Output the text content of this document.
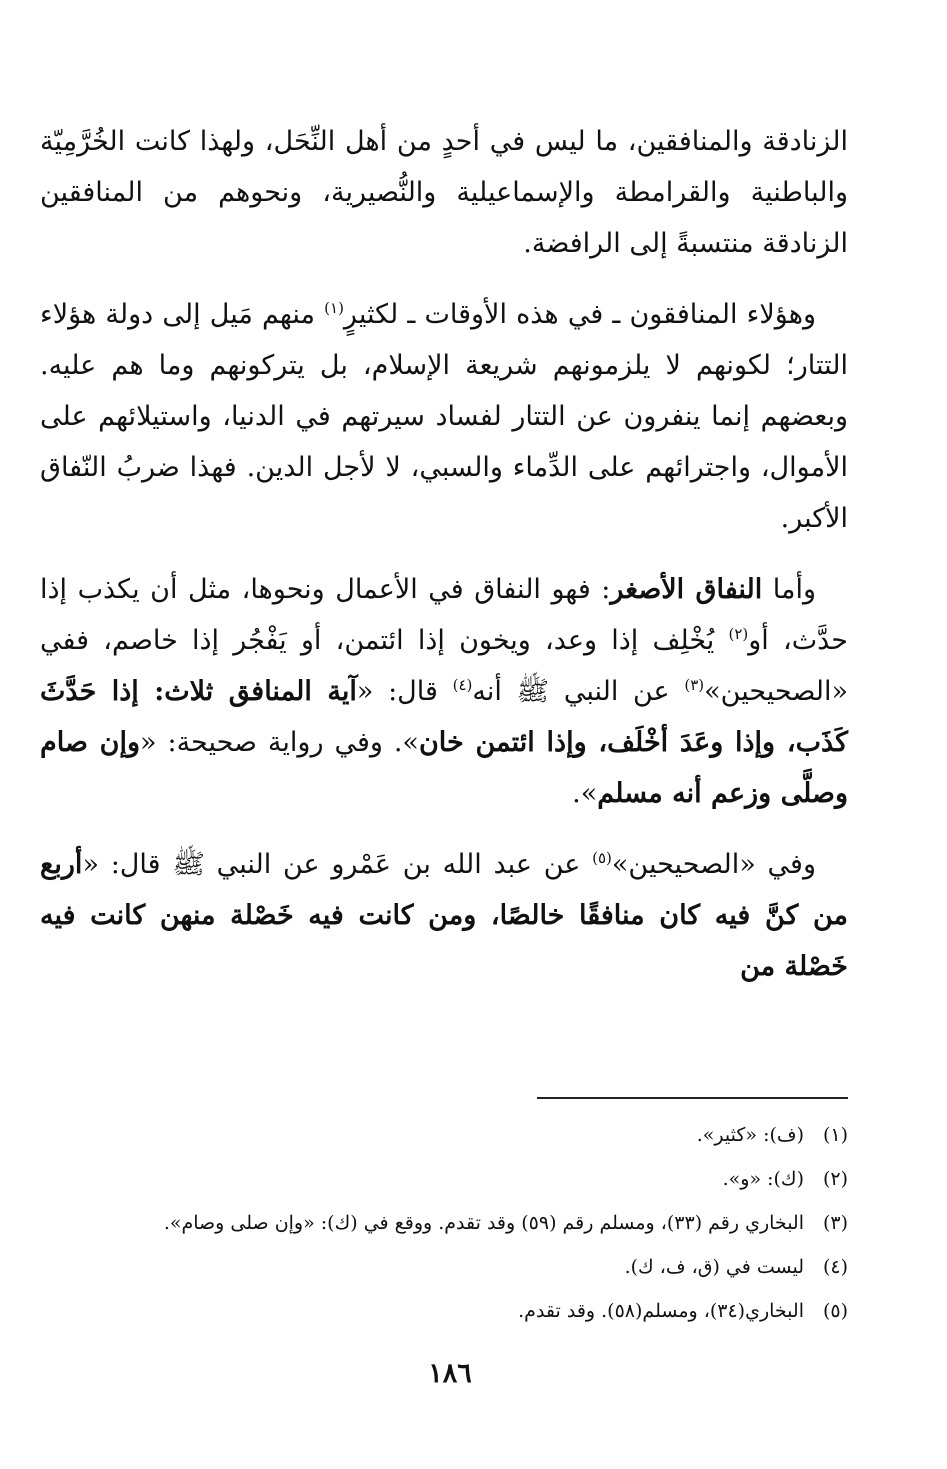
الزنادقة والمنافقين، ما ليس في أحدٍ من أهل النِّحَل، ولهذا كانت الخُرَّمِيّة والباطنية والقرامطة والإسماعيلية والنُّصيرية، ونحوهم من المنافقين الزنادقة منتسبةً إلى الرافضة.

وهؤلاء المنافقون ـ في هذه الأوقات ـ لكثيرٍ$^{(١)}$ منهم مَيل إلى دولة هؤلاء التتار؛ لكونهم لا يلزمونهم شريعة الإسلام، بل يتركونهم وما هم عليه. وبعضهم إنما ينفرون عن التتار لفساد سيرتهم في الدنيا، واستيلائهم على الأموال، واجترائهم على الدِّماء والسبي، لا لأجل الدين. فهذا ضربُ النّفاق الأكبر.

وأما النفاق الأصغر: فهو النفاق في الأعمال ونحوها، مثل أن يكذب إذا حدَّث، أو$^{(٢)}$ يُخْلِف إذا وعد، ويخون إذا ائتمن، أو يَفْجُر إذا خاصم، ففي «الصحيحين»$^{(٣)}$ عن النبي ﷺ أنه$^{(٤)}$ قال: «آية المنافق ثلاث: إذا حَدَّثَ كَذَب، وإذا وعَدَ أخْلَف، وإذا ائتمن خان». وفي رواية صحيحة: «وإن صام وصلَّى وزعم أنه مسلم».

وفي «الصحيحين»$^{(٥)}$ عن عبد الله بن عَمْرو عن النبي ﷺ قال: «أربع من كنَّ فيه كان منافقًا خالصًا، ومن كانت فيه خَصْلة منهن كانت فيه خَصْلة من

(١)(ف): «كثير».
(٢)(ك): «و».
(٣)البخاري رقم (٣٣)، ومسلم رقم (٥٩) وقد تقدم. ووقع في (ك): «وإن صلى وصام».
(٤)ليست في (ق، ف، ك).
(٥)البخاري(٣٤)، ومسلم(٥٨). وقد تقدم.
١٨٦
